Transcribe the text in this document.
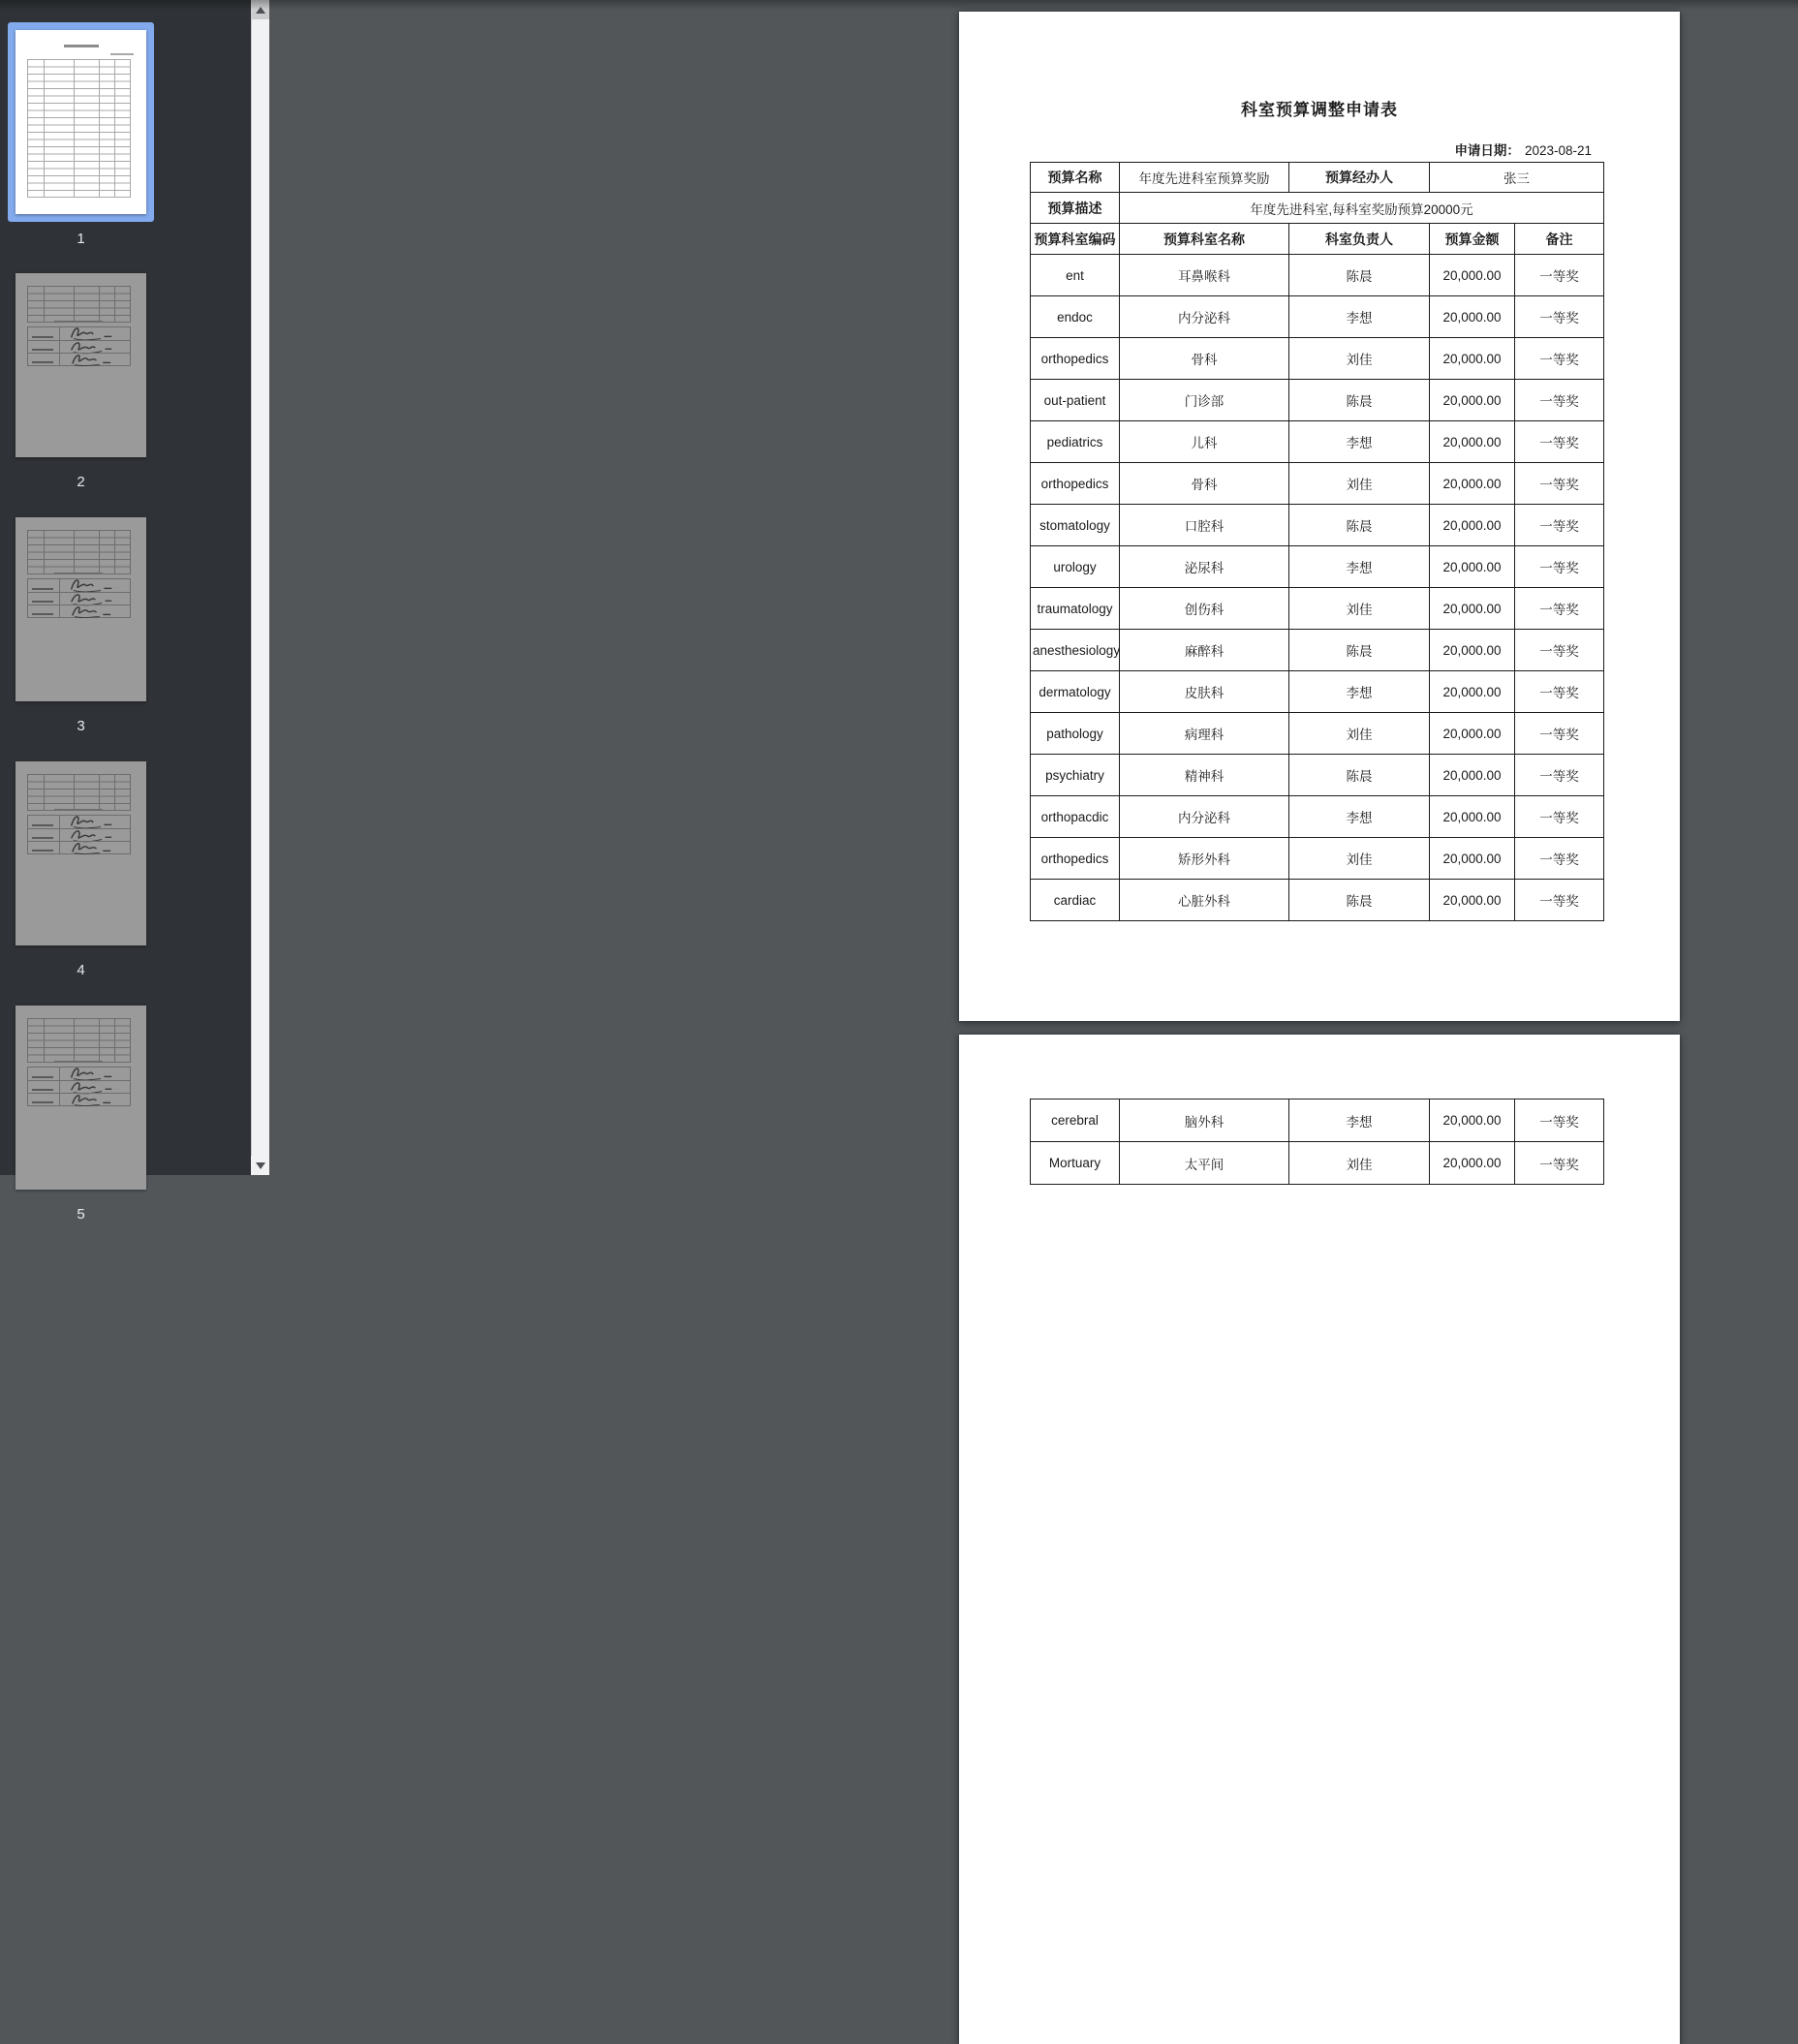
科室预算调整申请表
申请日期： 2023-08-21
预算名称	年度先进科室预算奖励	预算经办人	张三	
预算描述	年度先进科室,每科室奖励预算20000元			
预算科室编码	预算科室名称	科室负责人	预算金额	备注
ent	耳鼻喉科	陈晨	20,000.00	一等奖
endoc	内分泌科	李想	20,000.00	一等奖
orthopedics	骨科	刘佳	20,000.00	一等奖
out-patient	门诊部	陈晨	20,000.00	一等奖
pediatrics	儿科	李想	20,000.00	一等奖
orthopedics	骨科	刘佳	20,000.00	一等奖
stomatology	口腔科	陈晨	20,000.00	一等奖
urology	泌尿科	李想	20,000.00	一等奖
traumatology	创伤科	刘佳	20,000.00	一等奖
anesthesiology	麻醉科	陈晨	20,000.00	一等奖
dermatology	皮肤科	李想	20,000.00	一等奖
pathology	病理科	刘佳	20,000.00	一等奖
psychiatry	精神科	陈晨	20,000.00	一等奖
orthopacdic	内分泌科	李想	20,000.00	一等奖
orthopedics	矫形外科	刘佳	20,000.00	一等奖
cardiac	心脏外科	陈晨	20,000.00	一等奖
cerebral	脑外科	李想	20,000.00	一等奖
Mortuary	太平间	刘佳	20,000.00	一等奖
1
2
3
4
5
